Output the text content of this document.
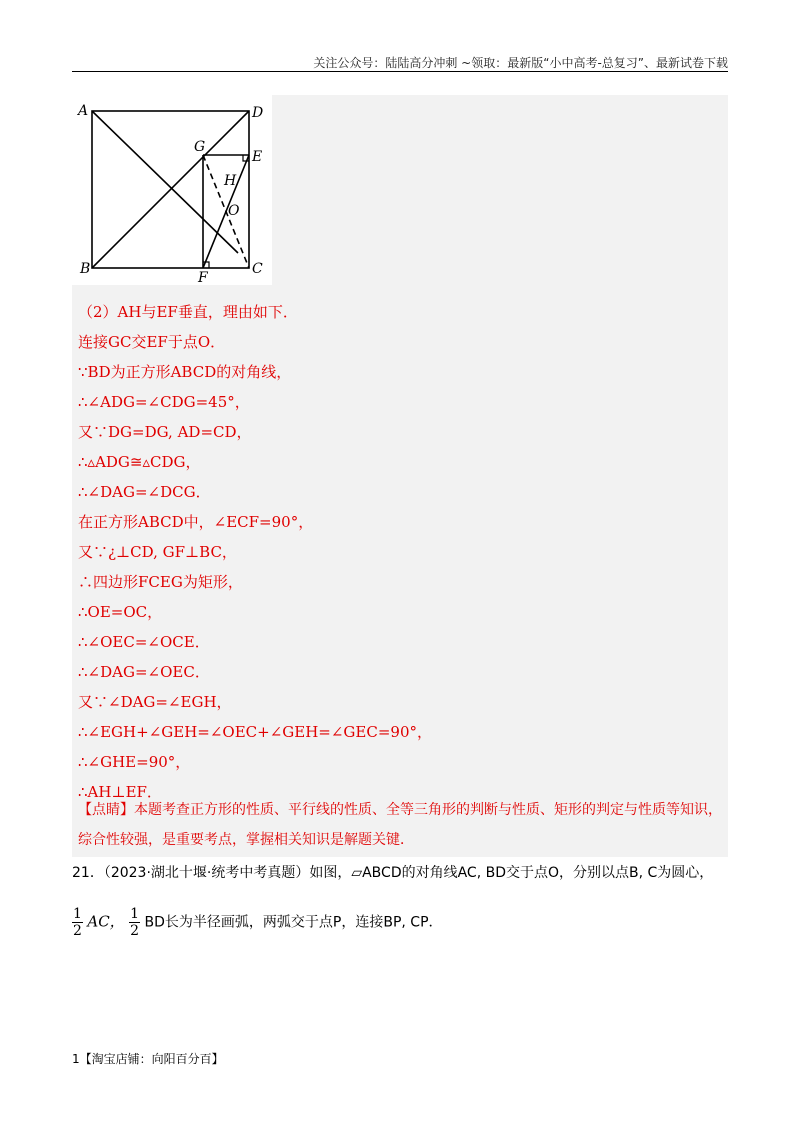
关注公众号：陆陆高分冲刺 ~领取：最新版“小中高考-总复习”、最新试卷下载
A	D
G
E
H
O
B
F
C
（2）AH与EF垂直，理由如下．
连接GC交EF于点O．
∵BD为正方形ABCD的对角线，
∴∠ADG=∠CDG=45°，
又∵DG=DG, AD=CD，
∴▵ADG≅▵CDG，
∴∠DAG=∠DCG．
在正方形ABCD中，∠ECF=90°，
又∵¿⊥CD, GF⊥BC，
∴四边形FCEG为矩形，
∴OE=OC，
∴∠OEC=∠OCE．
∴∠DAG=∠OEC．
又∵∠DAG=∠EGH，
∴∠EGH+∠GEH=∠OEC+∠GEH=∠GEC=90°，
∴∠GHE=90°，
∴AH⊥EF．
【点睛】本题考查正方形的性质、平行线的性质、全等三角形的判断与性质、矩形的判定与性质等知识，综合性较强，是重要考点，掌握相关知识是解题关键．
21．（2023·湖北十堰·统考中考真题）如图，▱ABCD的对角线AC, BD交于点O，分别以点B, C为圆心，
$\frac{1}{2}$ AC， $\frac{1}{2}$ BD长为半径画弧，两弧交于点P，连接BP, CP．
1【淘宝店铺：向阳百分百】
